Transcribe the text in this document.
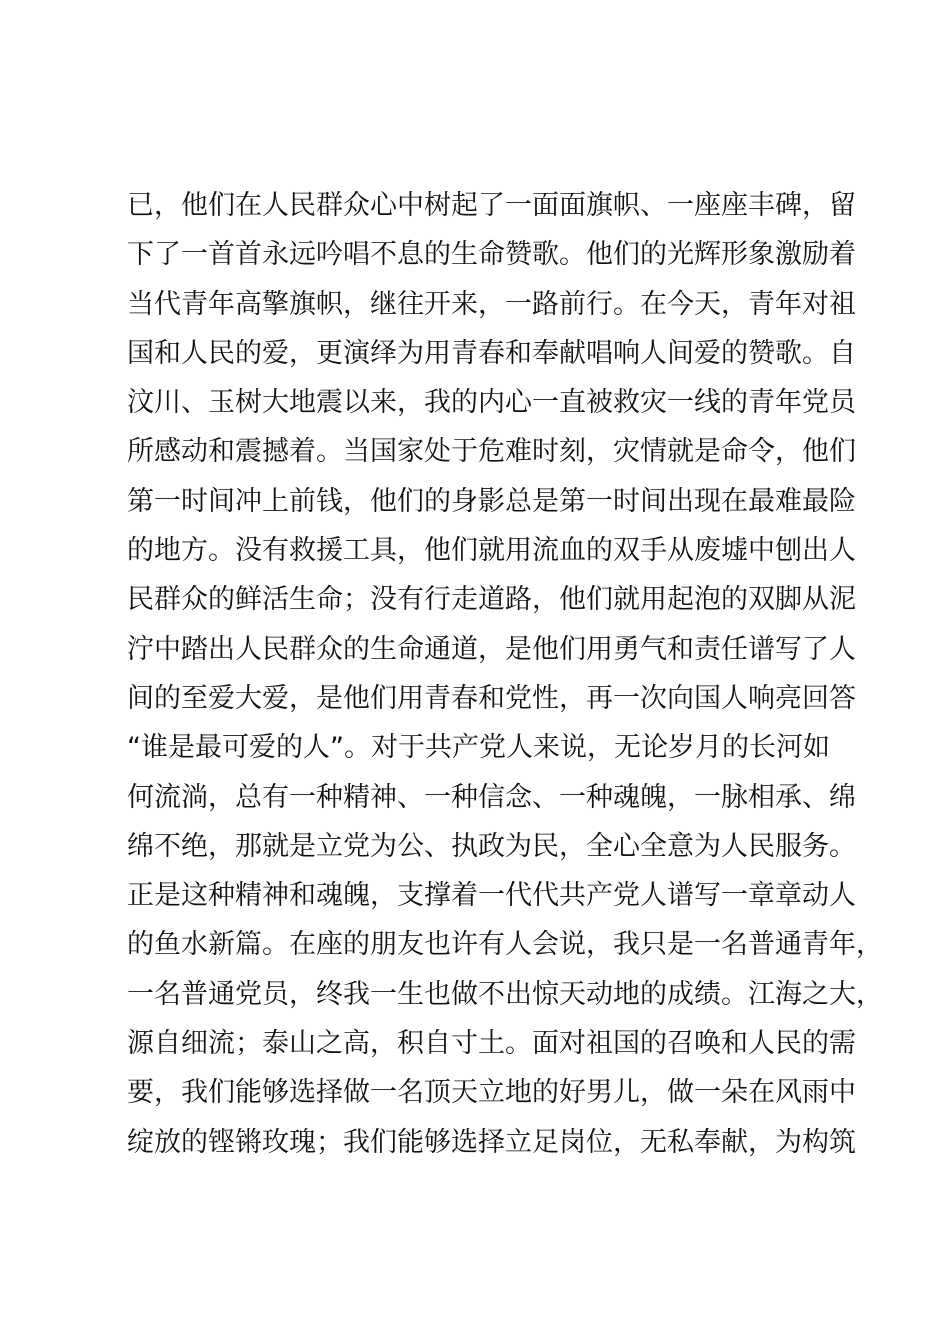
已，他们在人民群众心中树起了一面面旗帜、一座座丰碑，留
下了一首首永远吟唱不息的生命赞歌。他们的光辉形象激励着
当代青年高擎旗帜，继往开来，一路前行。在今天，青年对祖
国和人民的爱，更演绎为用青春和奉献唱响人间爱的赞歌。自
汶川、玉树大地震以来，我的内心一直被救灾一线的青年党员
所感动和震撼着。当国家处于危难时刻，灾情就是命令，他们
第一时间冲上前钱，他们的身影总是第一时间出现在最难最险
的地方。没有救援工具，他们就用流血的双手从废墟中刨出人
民群众的鲜活生命；没有行走道路，他们就用起泡的双脚从泥
泞中踏出人民群众的生命通道，是他们用勇气和责任谱写了人
间的至爱大爱，是他们用青春和党性，再一次向国人响亮回答
“谁是最可爱的人”。对于共产党人来说，无论岁月的长河如
何流淌，总有一种精神、一种信念、一种魂魄，一脉相承、绵
绵不绝，那就是立党为公、执政为民，全心全意为人民服务。
正是这种精神和魂魄，支撑着一代代共产党人谱写一章章动人
的鱼水新篇。在座的朋友也许有人会说，我只是一名普通青年，
一名普通党员，终我一生也做不出惊天动地的成绩。江海之大，
源自细流；泰山之高，积自寸土。面对祖国的召唤和人民的需
要，我们能够选择做一名顶天立地的好男儿，做一朵在风雨中
绽放的铿锵玫瑰；我们能够选择立足岗位，无私奉献，为构筑
